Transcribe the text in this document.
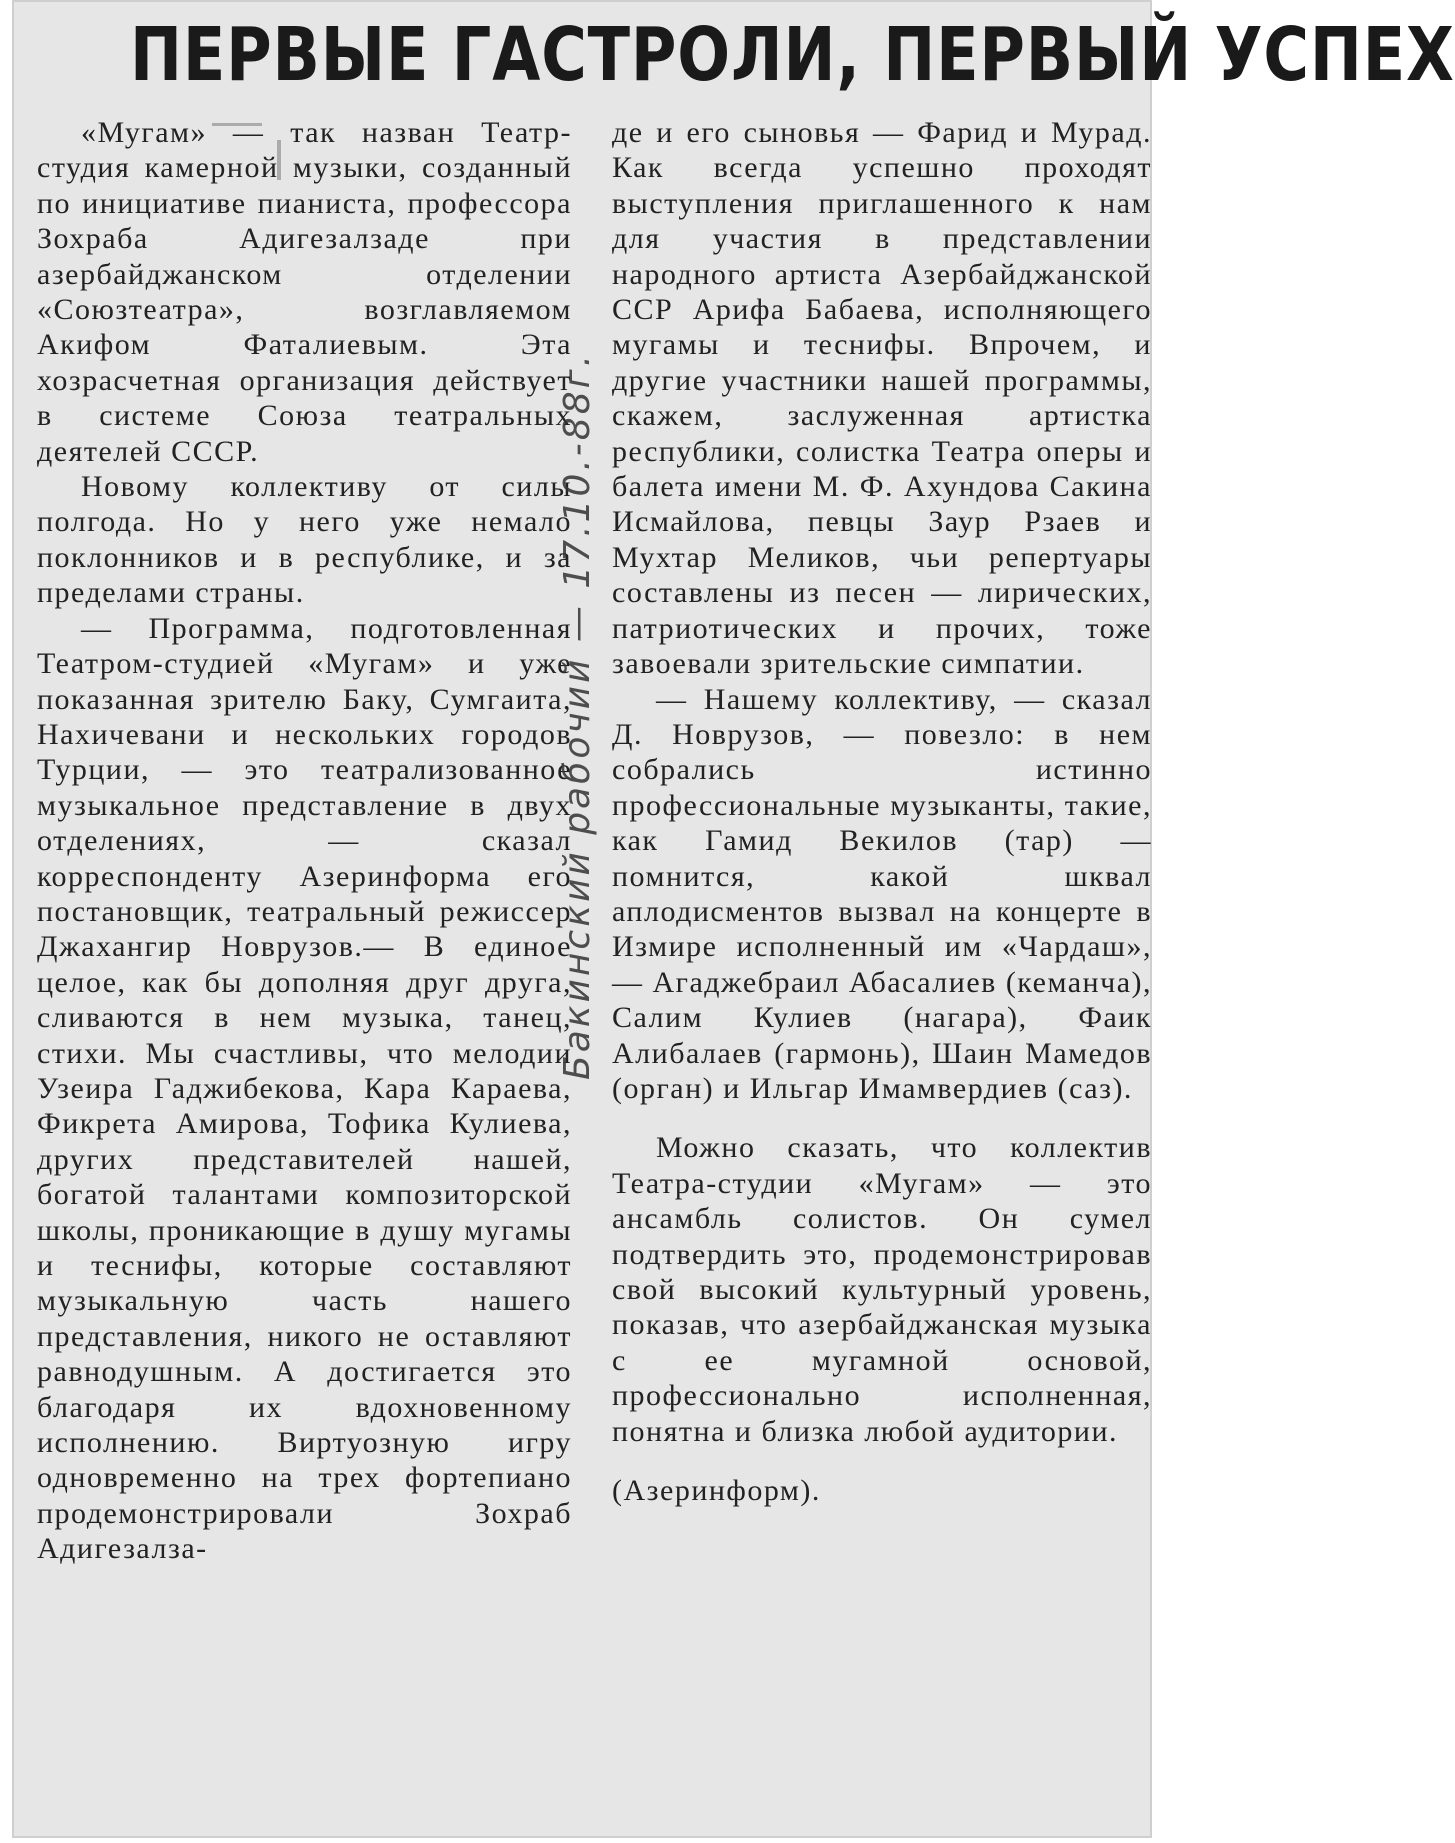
ПЕРВЫЕ ГАСТРОЛИ, ПЕРВЫЙ УСПЕХ

«Мугам» — так назван Театр-студия камерной музыки, созданный по инициативе пианиста, профессора Зохраба Адигезалзаде при азербайджанском отделении «Союзтеатра», возглавляемом Акифом Фаталиевым. Эта хозрасчетная организация действует в системе Союза театральных деятелей СССР.

Новому коллективу от силы полгода. Но у него уже немало поклонников и в республике, и за пределами страны.

— Программа, подготовленная Театром-студией «Мугам» и уже показанная зрителю Баку, Сумгаита, Нахичевани и нескольких городов Турции, — это театрализованное музыкальное представление в двух отделениях, — сказал корреспонденту Азеринформа его постановщик, театральный режиссер Джахангир Новрузов.— В единое целое, как бы дополняя друг друга, сливаются в нем музыка, танец, стихи. Мы счастливы, что мелодии Узеира Гаджибекова, Кара Караева, Фикрета Амирова, Тофика Кулиева, других представителей нашей, богатой талантами композиторской школы, проникающие в душу мугамы и теснифы, которые составляют музыкальную часть нашего представления, никого не оставляют равнодушным. А достигается это благодаря их вдохновенному исполнению. Виртуозную игру одновременно на трех фортепиано продемонстрировали Зохраб Адигезалза-

де и его сыновья — Фарид и Мурад. Как всегда успешно проходят выступления приглашенного к нам для участия в представлении народного артиста Азербайджанской ССР Арифа Бабаева, исполняющего мугамы и теснифы. Впрочем, и другие участники нашей программы, скажем, заслуженная артистка республики, солистка Театра оперы и балета имени М. Ф. Ахундова Сакина Исмайлова, певцы Заур Рзаев и Мухтар Меликов, чьи репертуары составлены из песен — лирических, патриотических и прочих, тоже завоевали зрительские симпатии.

— Нашему коллективу, — сказал Д. Новрузов, — повезло: в нем собрались истинно профессиональные музыканты, такие, как Гамид Векилов (тар) — помнится, какой шквал аплодисментов вызвал на концерте в Измире исполненный им «Чардаш», — Агаджебраил Абасалиев (кеманча), Салим Кулиев (нагара), Фаик Алибалаев (гармонь), Шаин Мамедов (орган) и Ильгар Имамвердиев (саз).

Можно сказать, что коллектив Театра-студии «Мугам» — это ансамбль солистов. Он сумел подтвердить это, продемонстрировав свой высокий культурный уровень, показав, что азербайджанская музыка с ее мугамной основой, профессионально исполненная, понятна и близка любой аудитории.

(Азеринформ).

Бакинский рабочий — 17.10.-88г.
